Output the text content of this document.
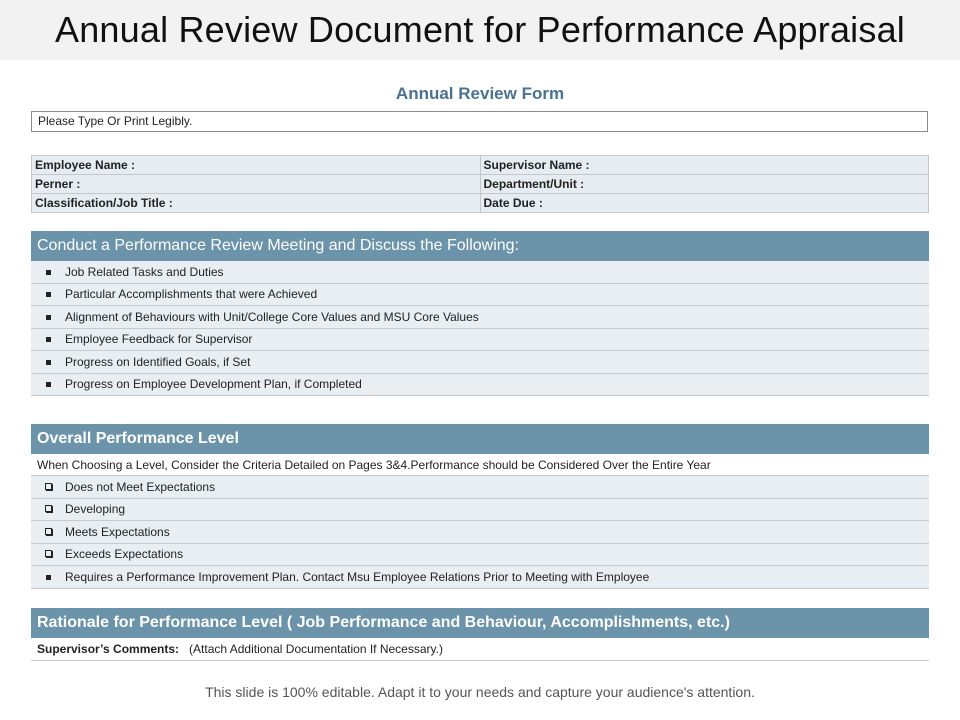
Annual Review Document for Performance Appraisal
Annual Review Form
Please Type Or Print Legibly.
Employee Name :	Supervisor Name :
Perner :	Department/Unit :
Classification/Job Title :	Date Due :
Conduct a Performance Review Meeting and Discuss the Following:
Job Related Tasks and Duties
Particular Accomplishments that were Achieved
Alignment of Behaviours with Unit/College Core Values and MSU Core Values
Employee Feedback for Supervisor
Progress on Identified Goals, if Set
Progress on Employee Development Plan, if Completed
Overall Performance Level
When Choosing a Level, Consider the Criteria Detailed on Pages 3&4.Performance should be Considered Over the Entire Year
Does not Meet Expectations
Developing
Meets Expectations
Exceeds Expectations
Requires a Performance Improvement Plan. Contact Msu Employee Relations Prior to Meeting with Employee
Rationale for Performance Level ( Job Performance and Behaviour, Accomplishments, etc.)
Supervisor’s Comments: (Attach Additional Documentation If Necessary.)
This slide is 100% editable. Adapt it to your needs and capture your audience's attention.
